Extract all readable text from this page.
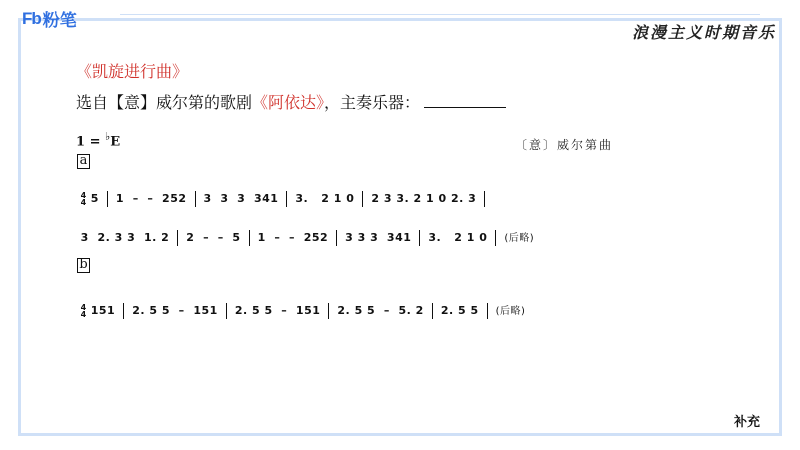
Fb 粉笔
浪漫主义时期音乐
《凯旋进行曲》
选自【意】威尔第的歌剧《阿依达》，主奏乐器：
1 = ♭E	〔意〕威尔第曲
a
b

4
4 5 1  –  –  252 3  3  3  341 3.   2 1 0 2 3 3. 2 1 0 2. 3

3  2. 3 3  1. 2 2  –  –  5 1  –  –  252 3 3 3  341 3.   2 1 0 (后略)

4
4 151 2. 5 5  –  151 2. 5 5  –  151 2. 5 5  –  5. 2 2. 5 5 (后略)

补充
